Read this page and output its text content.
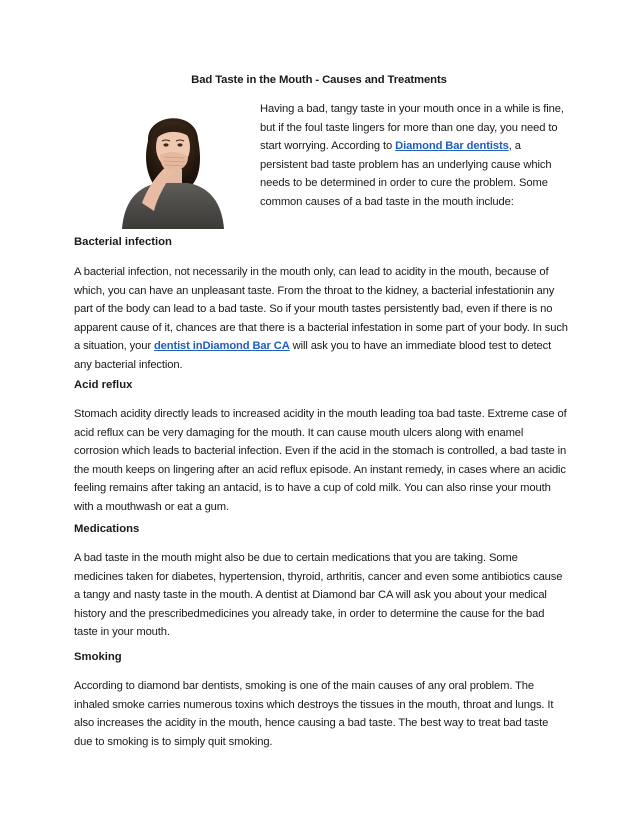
Bad Taste in the Mouth - Causes and Treatments
Having a bad, tangy taste in your mouth once in a while is fine, but if the foul taste lingers for more than one day, you need to start worrying. According to Diamond Bar dentists, a persistent bad taste problem has an underlying cause which needs to be determined in order to cure the problem. Some common causes of a bad taste in the mouth include:
Bacterial infection
A bacterial infection, not necessarily in the mouth only, can lead to acidity in the mouth, because of which, you can have an unpleasant taste. From the throat to the kidney, a bacterial infestationin any part of the body can lead to a bad taste. So if your mouth tastes persistently bad, even if there is no apparent cause of it, chances are that there is a bacterial infestation in some part of your body. In such a situation, your dentist inDiamond Bar CA will ask you to have an immediate blood test to detect any bacterial infection.
Acid reflux
Stomach acidity directly leads to increased acidity in the mouth leading toa bad taste. Extreme case of acid reflux can be very damaging for the mouth. It can cause mouth ulcers along with enamel corrosion which leads to bacterial infection. Even if the acid in the stomach is controlled, a bad taste in the mouth keeps on lingering after an acid reflux episode. An instant remedy, in cases where an acidic feeling remains after taking an antacid, is to have a cup of cold milk. You can also rinse your mouth with a mouthwash or eat a gum.
Medications
A bad taste in the mouth might also be due to certain medications that you are taking. Some medicines taken for diabetes, hypertension, thyroid, arthritis, cancer and even some antibiotics cause a tangy and nasty taste in the mouth. A dentist at Diamond bar CA will ask you about your medical history and the prescribedmedicines you already take, in order to determine the cause for the bad taste in your mouth.
Smoking
According to diamond bar dentists, smoking is one of the main causes of any oral problem. The inhaled smoke carries numerous toxins which destroys the tissues in the mouth, throat and lungs. It also increases the acidity in the mouth, hence causing a bad taste. The best way to treat bad taste due to smoking is to simply quit smoking.
